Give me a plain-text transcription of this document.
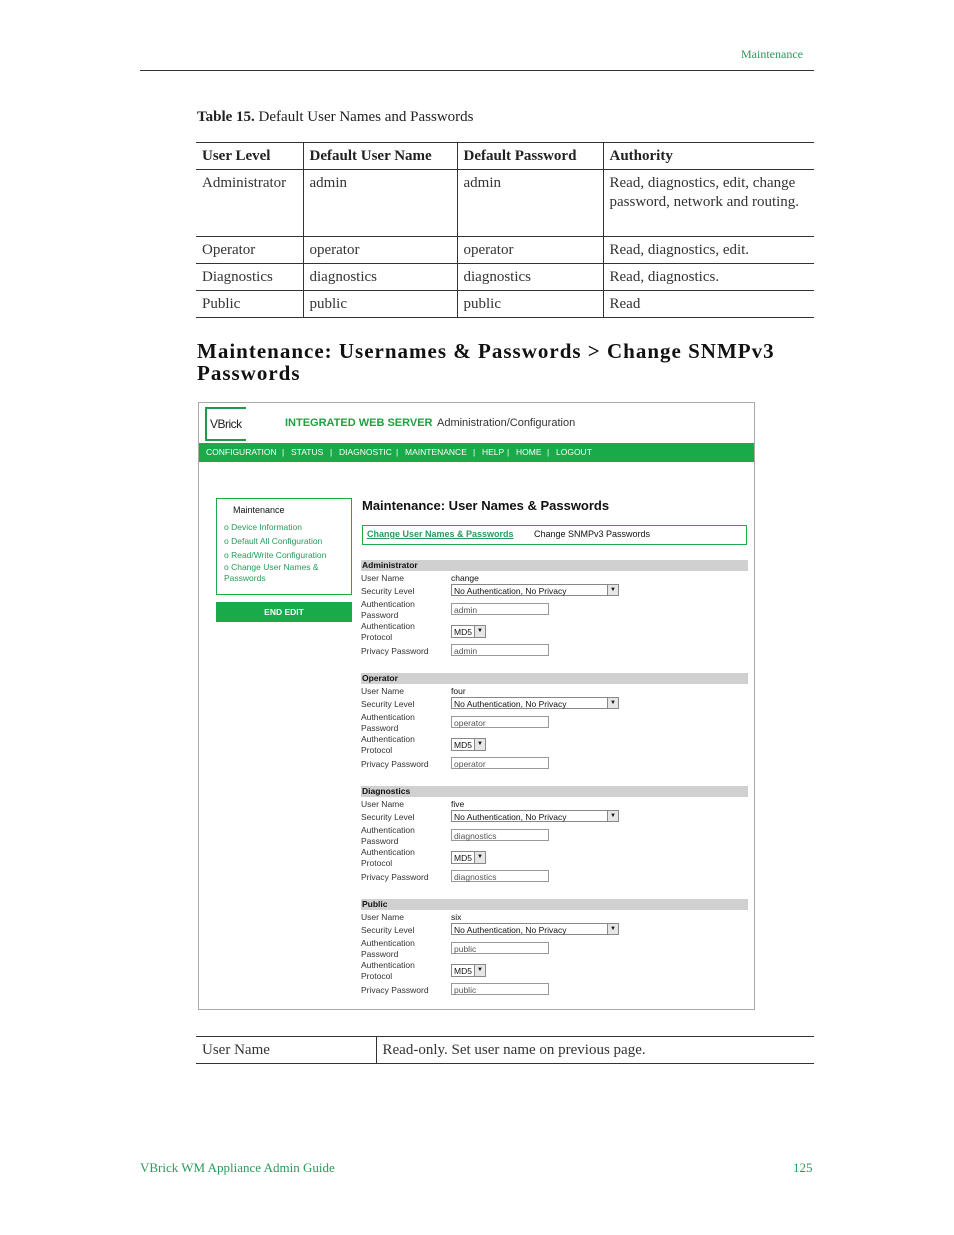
Maintenance
Table 15. Default User Names and Passwords
User Level	Default User Name	Default Password	Authority
Administrator	admin	admin	Read, diagnostics, edit, change password, network and routing.
Operator	operator	operator	Read, diagnostics, edit.
Diagnostics	diagnostics	diagnostics	Read, diagnostics.
Public	public	public	Read
Maintenance: Usernames & Passwords > Change SNMPv3 Passwords
VBrick	INTEGRATED WEB SERVER Administration/Configuration
CONFIGURATION | STATUS | DIAGNOSTIC | MAINTENANCE | HELP | HOME | LOGOUT
Maintenance
o Device Information
o Default All Configuration
o Read/Write Configuration
o Change User Names &
Passwords
END EDIT
Maintenance: User Names & Passwords
Change User Names & Passwords Change SNMPv3 Passwords
Administrator
User Name	change
Security Level	No Authentication, No Privacy	▼
Authentication
Password	admin
Authentication
Protocol	MD5 ▼
Privacy Password	admin
Operator
User Name	four
Security Level	No Authentication, No Privacy	▼
Authentication
Password	operator
Authentication
Protocol	MD5 ▼
Privacy Password	operator
Diagnostics
User Name	five
Security Level	No Authentication, No Privacy	▼
Authentication
Password	diagnostics
Authentication
Protocol	MD5 ▼
Privacy Password	diagnostics
Public
User Name	six
Security Level	No Authentication, No Privacy	▼
Authentication
Password	public
Authentication
Protocol	MD5 ▼
Privacy Password	public
User Name	Read-only. Set user name on previous page.
VBrick WM Appliance Admin Guide	125
